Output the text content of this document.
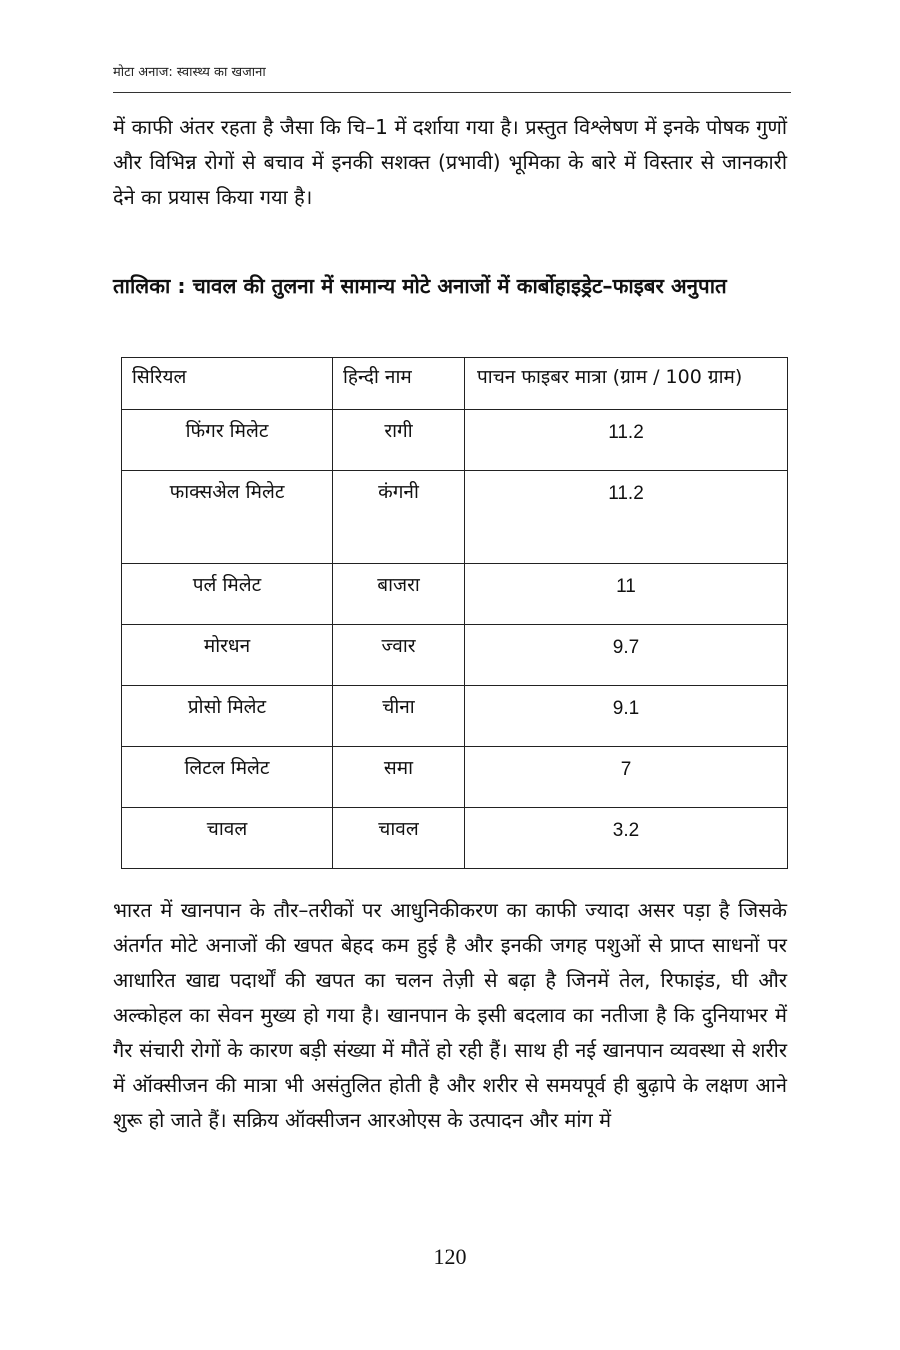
मोटा अनाज: स्वास्थ्य का खजाना

में काफी अंतर रहता है जैसा कि चि–1 में दर्शाया गया है। प्रस्तुत विश्लेषण में इनके पोषक गुणों और विभिन्न रोगों से बचाव में इनकी सशक्त (प्रभावी) भूमिका के बारे में विस्तार से जानकारी देने का प्रयास किया गया है।

तालिका : चावल की तुलना में सामान्य मोटे अनाजों में कार्बोहाइड्रेट–फाइबर अनुपात
सिरियल	हिन्दी नाम	पाचन फाइबर मात्रा (ग्राम / 100 ग्राम)
फिंगर मिलेट	रागी	11.2
फाक्सअेल मिलेट	कंगनी	11.2
पर्ल मिलेट	बाजरा	11
मोरधन	ज्वार	9.7
प्रोसो मिलेट	चीना	9.1
लिटल मिलेट	समा	7
चावल	चावल	3.2

भारत में खानपान के तौर–तरीकों पर आधुनिकीकरण का काफी ज्यादा असर पड़ा है जिसके अंतर्गत मोटे अनाजों की खपत बेहद कम हुई है और इनकी जगह पशुओं से प्राप्त साधनों पर आधारित खाद्य पदार्थों की खपत का चलन तेज़ी से बढ़ा है जिनमें तेल, रिफाइंड, घी और अल्कोहल का सेवन मुख्य हो गया है। खानपान के इसी बदलाव का नतीजा है कि दुनियाभर में गैर संचारी रोगों के कारण बड़ी संख्या में मौतें हो रही हैं। साथ ही नई खानपान व्यवस्था से शरीर में ऑक्सीजन की मात्रा भी असंतुलित होती है और शरीर से समयपूर्व ही बुढ़ापे के लक्षण आने शुरू हो जाते हैं। सक्रिय ऑक्सीजन आरओएस के उत्पादन और मांग में

120
